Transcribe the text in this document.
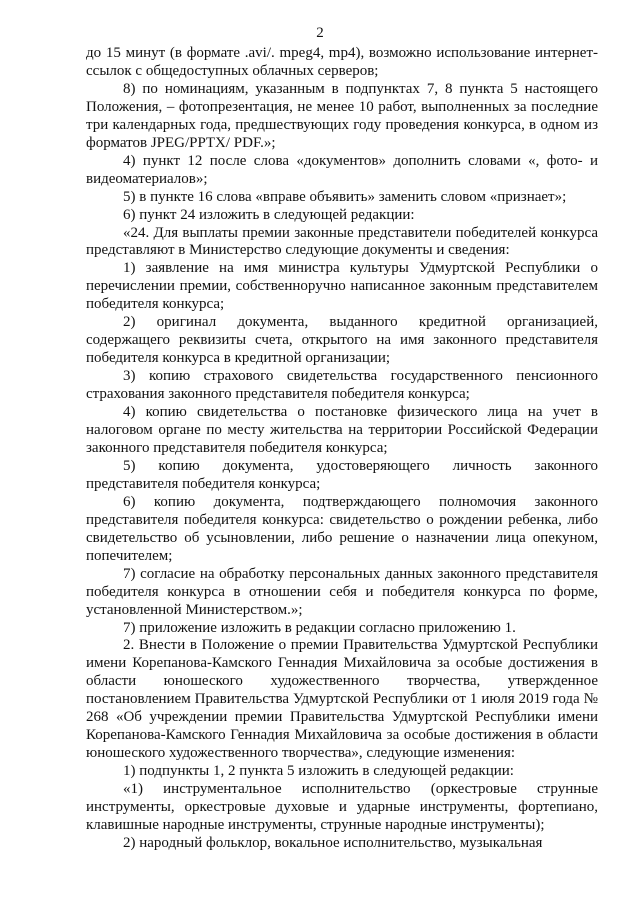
2

до 15 минут (в формате .avi/. mpeg4, mp4), возможно использование интернет-ссылок с общедоступных облачных серверов;

8) по номинациям, указанным в подпунктах 7, 8 пункта 5 настоящего Положения, – фотопрезентация, не менее 10 работ, выполненных за последние три календарных года, предшествующих году проведения конкурса, в одном из форматов JPEG/PPTX/ PDF.»;

4) пункт 12 после слова «документов» дополнить словами «, фото- и видеоматериалов»;

5) в пункте 16 слова «вправе объявить» заменить словом «признает»;

6) пункт 24 изложить в следующей редакции:

«24. Для выплаты премии законные представители победителей конкурса представляют в Министерство следующие документы и сведения:

1) заявление на имя министра культуры Удмуртской Республики о перечислении премии, собственноручно написанное законным представителем победителя конкурса;

2) оригинал документа, выданного кредитной организацией, содержащего реквизиты счета, открытого на имя законного представителя победителя конкурса в кредитной организации;

3) копию страхового свидетельства государственного пенсионного страхования законного представителя победителя конкурса;

4) копию свидетельства о постановке физического лица на учет в налоговом органе по месту жительства на территории Российской Федерации законного представителя победителя конкурса;

5) копию документа, удостоверяющего личность законного представителя победителя конкурса;

6) копию документа, подтверждающего полномочия законного представителя победителя конкурса: свидетельство о рождении ребенка, либо свидетельство об усыновлении, либо решение о назначении лица опекуном, попечителем;

7) согласие на обработку персональных данных законного представителя победителя конкурса в отношении себя и победителя конкурса по форме, установленной Министерством.»;

7) приложение изложить в редакции согласно приложению 1.

2. Внести в Положение о премии Правительства Удмуртской Республики имени Корепанова-Камского Геннадия Михайловича за особые достижения в области юношеского художественного творчества, утвержденное постановлением Правительства Удмуртской Республики от 1 июля 2019 года № 268 «Об учреждении премии Правительства Удмуртской Республики имени Корепанова-Камского Геннадия Михайловича за особые достижения в области юношеского художественного творчества», следующие изменения:

1) подпункты 1, 2 пункта 5 изложить в следующей редакции:

«1) инструментальное исполнительство (оркестровые струнные инструменты, оркестровые духовые и ударные инструменты, фортепиано, клавишные народные инструменты, струнные народные инструменты);

2) народный фольклор, вокальное исполнительство, музыкальная
